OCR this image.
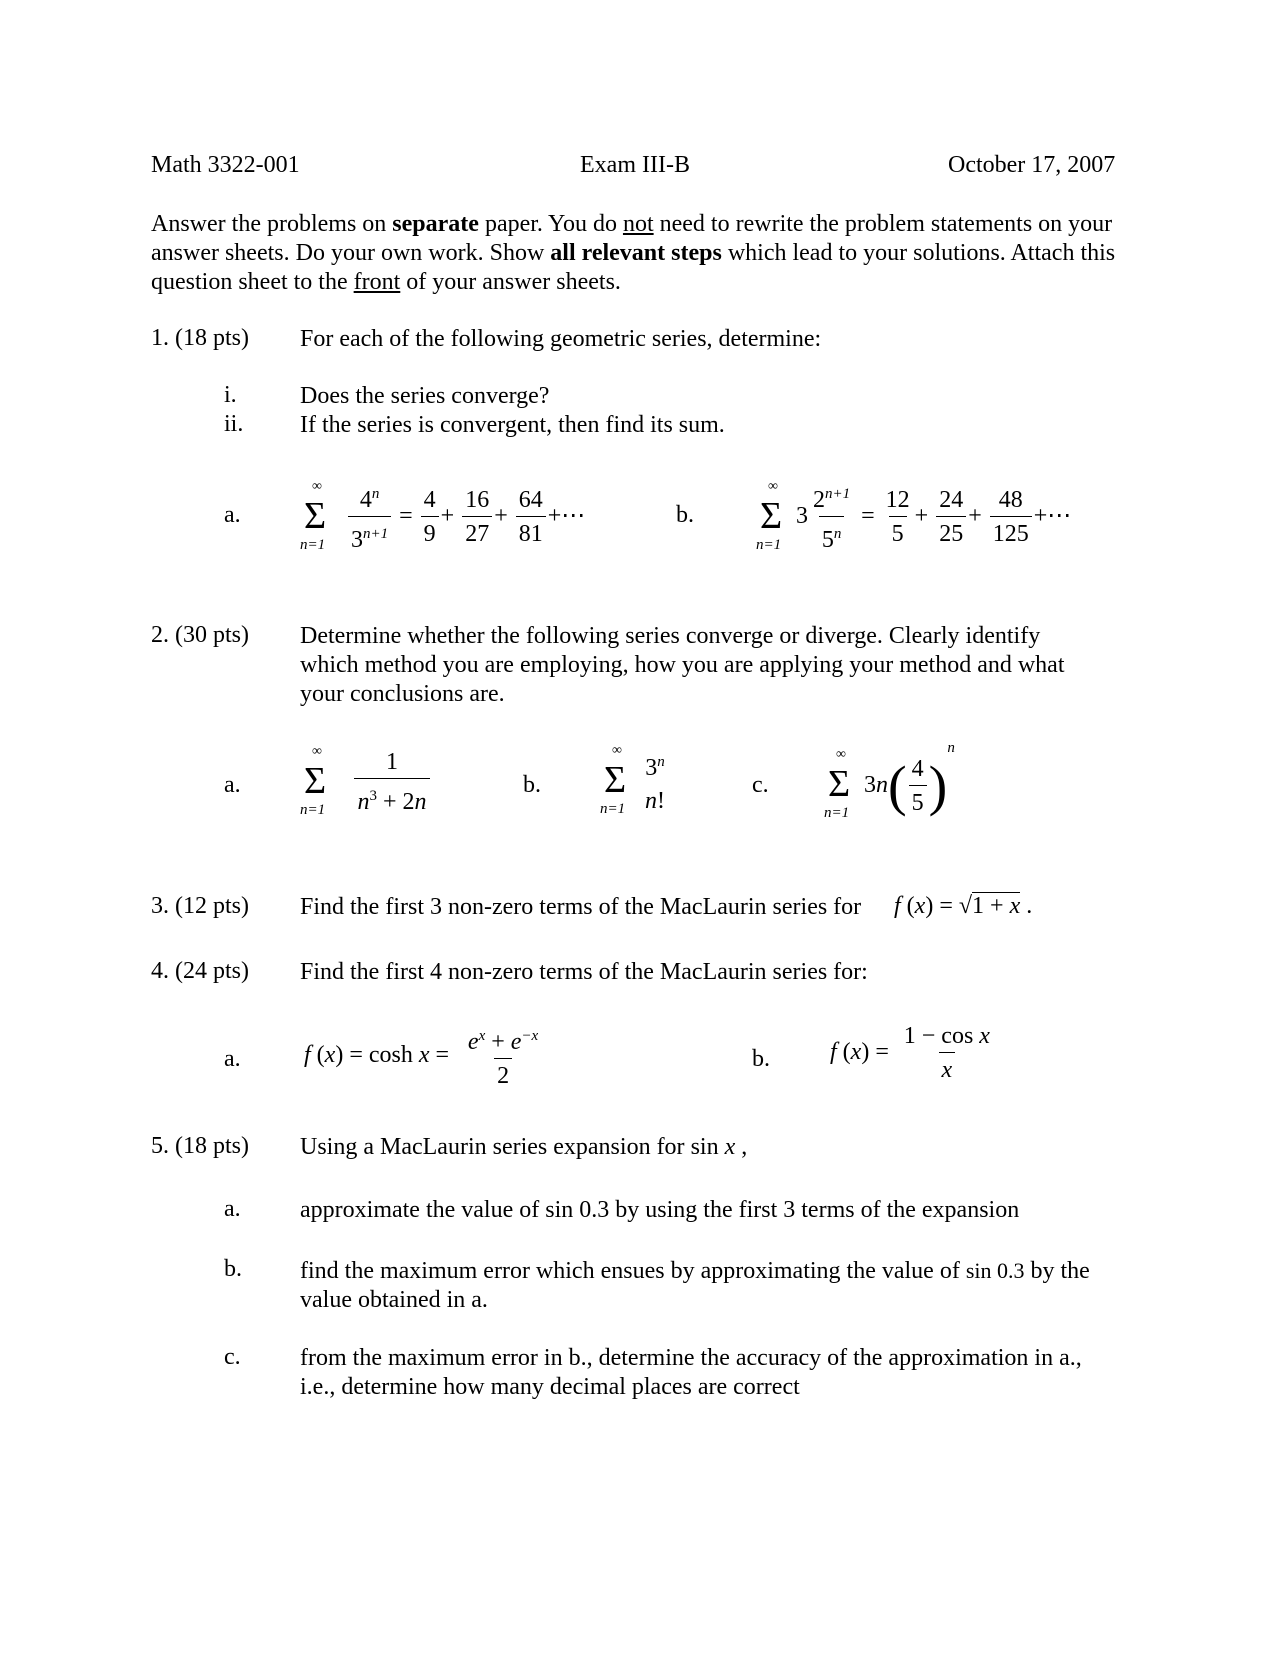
Math 3322-001	Exam III-B	October 17, 2007
Answer the problems on separate paper. You do not need to rewrite the problem statements on your answer sheets. Do your own work. Show all relevant steps which lead to your solutions. Attach this question sheet to the front of your answer sheets.
1. (18 pts) For each of the following geometric series, determine:
i.	Does the series converge?
ii. If the series is convergent, then find its sum.
a.
∞
Σ
n=1
$\frac{4^n}{3^{n+1}} = \frac{4}{9} + \frac{16}{27} + \frac{64}{81}$ +⋯	b.
∞
Σ
n=1
$3 \frac{2^{n+1}}{5^n} = \frac{12}{5} + \frac{24}{25} + \frac{48}{125}$ +⋯
2. (30 pts) Determine whether the following series converge or diverge. Clearly identify which method you are employing, how you are applying your method and what your conclusions are.
a.
∞
Σ
n=1
$\frac{1}{n^3 + 2n}$	b.
∞
Σ
n=1

3$^n$
n!
c.
∞
Σ
n=1
$3n( \frac{4}{5} )^n$
3. (12 pts) Find the first 3 non-zero terms of the MacLaurin series for f (x) = √1 + x .
4. (24 pts) Find the first 4 non-zero terms of the MacLaurin series for:
a.	f $(x) = \cosh x = \frac{e^x + e^{-x}}{2}$	b.	f $(x) = \frac{\text{1 − cos x}}{x}$
5. (18 pts) Using a MacLaurin series expansion for sin x ,
a. approximate the value of sin 0.3 by using the first 3 terms of the expansion
b. find the maximum error which ensues by approximating the value of sin 0.3 by the value obtained in a.
c. from the maximum error in b., determine the accuracy of the approximation in a., i.e., determine how many decimal places are correct
